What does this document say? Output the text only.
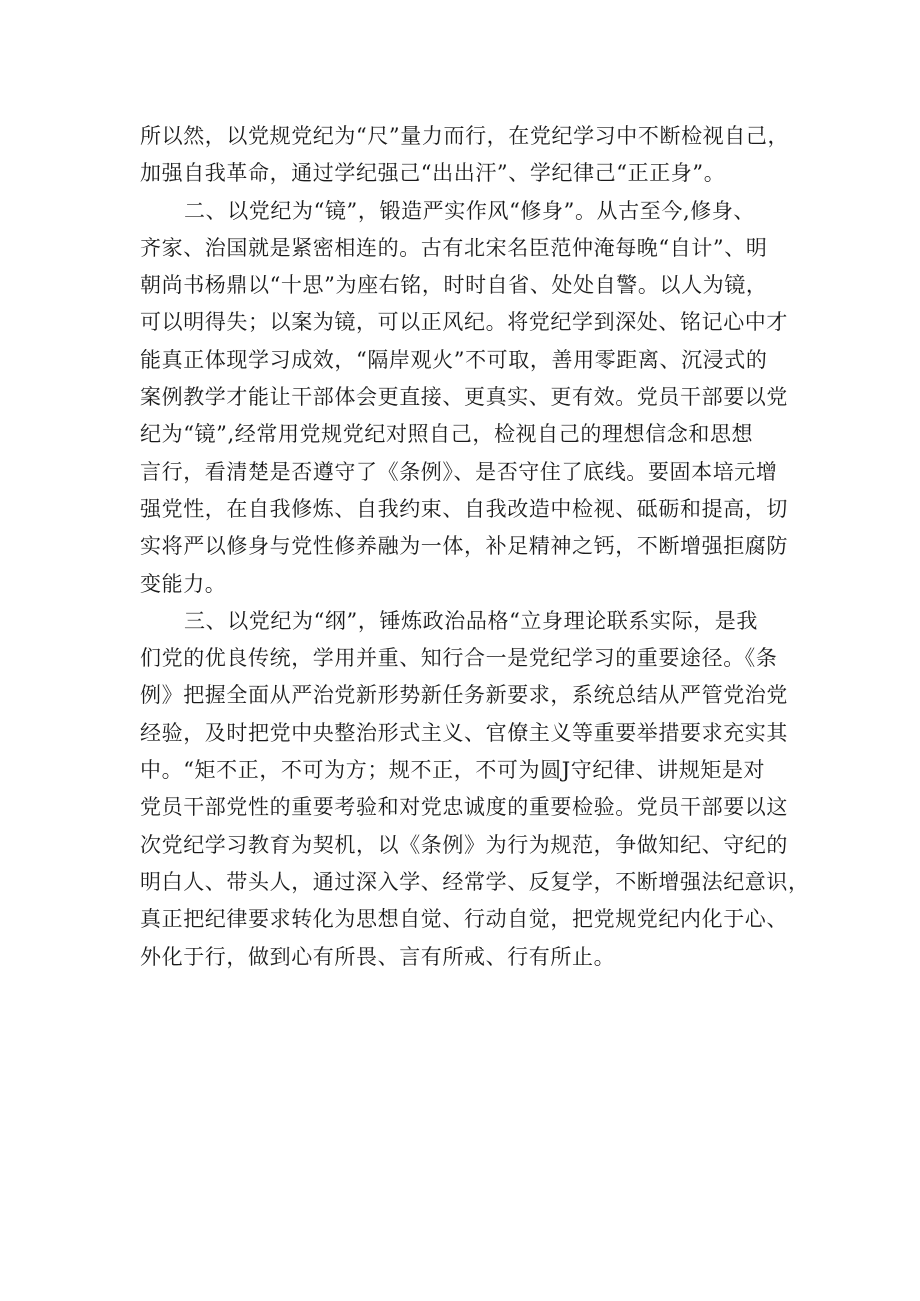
所以然，以党规党纪为“尺”量力而行，在党纪学习中不断检视自己，
加强自我革命，通过学纪强己“出出汗”、学纪律己“正正身”。
二、以党纪为“镜”，锻造严实作风“修身”。从古至今,修身、
齐家、治国就是紧密相连的。古有北宋名臣范仲淹每晚“自计”、明
朝尚书杨鼎以“十思”为座右铭，时时自省、处处自警。以人为镜，
可以明得失；以案为镜，可以正风纪。将党纪学到深处、铭记心中才
能真正体现学习成效，“隔岸观火”不可取，善用零距离、沉浸式的
案例教学才能让干部体会更直接、更真实、更有效。党员干部要以党
纪为“镜”,经常用党规党纪对照自己，检视自己的理想信念和思想
言行，看清楚是否遵守了《条例》、是否守住了底线。要固本培元增
强党性，在自我修炼、自我约束、自我改造中检视、砥砺和提高，切
实将严以修身与党性修养融为一体，补足精神之钙，不断增强拒腐防
变能力。
三、以党纪为“纲”，锤炼政治品格“立身理论联系实际，是我
们党的优良传统，学用并重、知行合一是党纪学习的重要途径。《条
例》把握全面从严治党新形势新任务新要求，系统总结从严管党治党
经验，及时把党中央整治形式主义、官僚主义等重要举措要求充实其
中。“矩不正，不可为方；规不正，不可为圆J守纪律、讲规矩是对
党员干部党性的重要考验和对党忠诚度的重要检验。党员干部要以这
次党纪学习教育为契机，以《条例》为行为规范，争做知纪、守纪的
明白人、带头人，通过深入学、经常学、反复学，不断增强法纪意识，
真正把纪律要求转化为思想自觉、行动自觉，把党规党纪内化于心、
外化于行，做到心有所畏、言有所戒、行有所止。
